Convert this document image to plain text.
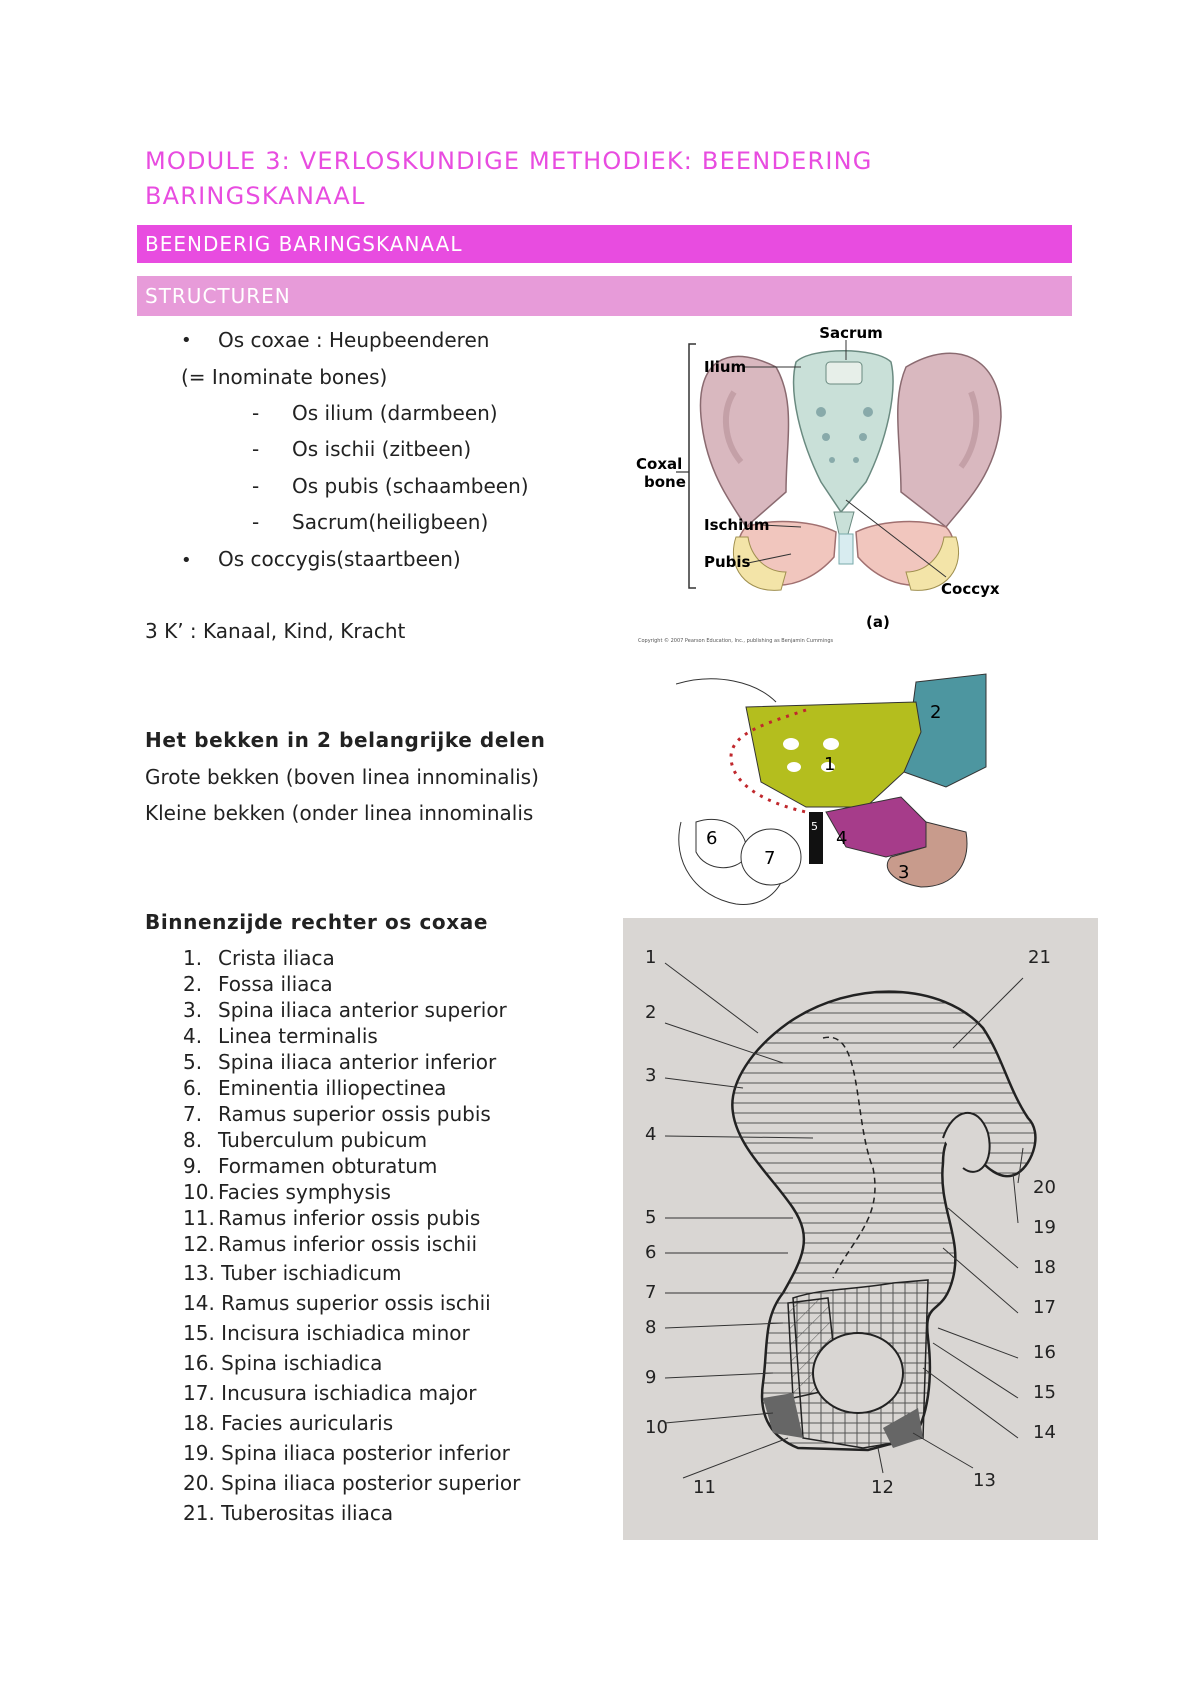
MODULE 3: VERLOSKUNDIGE METHODIEK: BEENDERING BARINGSKANAAL
BEENDERIG BARINGSKANAAL
STRUCTUREN
• Os coxae : Heupbeenderen
(= Inominate bones)
- Os ilium (darmbeen)
- Os ischii (zitbeen)
- Os pubis (schaambeen)
- Sacrum(heiligbeen)
• Os coccygis(staartbeen)
3 K’ : Kanaal, Kind, Kracht
Het bekken in 2 belangrijke delen
Grote bekken (boven linea innominalis)
Kleine bekken (onder linea innominalis
Binnenzijde rechter os coxae
1. Crista iliaca
2. Fossa iliaca
3. Spina iliaca anterior superior
4. Linea terminalis
5. Spina iliaca anterior inferior
6. Eminentia illiopectinea
7. Ramus superior ossis pubis
8. Tuberculum pubicum
9. Formamen obturatum
10. Facies symphysis
11. Ramus inferior ossis pubis
12. Ramus inferior ossis ischii
13. Tuber ischiadicum
14. Ramus superior ossis ischii
15. Incisura ischiadica minor
16. Spina ischiadica
17. Incusura ischiadica major
18. Facies auricularis
19. Spina iliaca posterior inferior
20. Spina iliaca posterior superior
21. Tuberositas iliaca
Sacrum
Ilium
Coxal
bone
Ischium
Pubis
Coccyx
(a)
Copyright © 2007 Pearson Education, Inc., publishing as Benjamin Cummings
1
2
3
4
5
6
7
1
2
3
4
5
6
7
8
9
10
11	12	13
14
15
16
17
18
19
20
21
